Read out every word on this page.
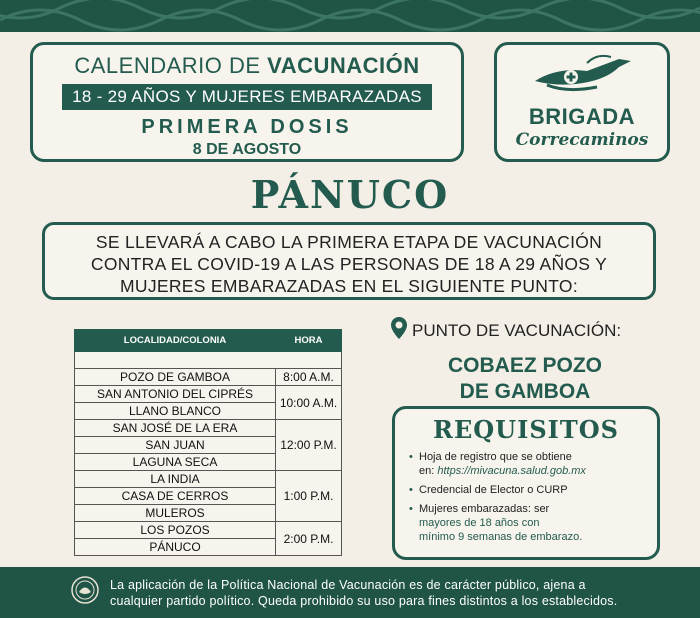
CALENDARIO DE VACUNACIÓN
18 - 29 AÑOS Y MUJERES EMBARAZADAS
PRIMERA DOSIS
8 DE AGOSTO
BRIGADA
Correcaminos
PÁNUCO
SE LLEVARÁ A CABO LA PRIMERA ETAPA DE VACUNACIÓN
CONTRA EL COVID-19 A LAS PERSONAS DE 18 A 29 AÑOS Y
MUJERES EMBARAZADAS EN EL SIGUIENTE PUNTO:
LOCALIDAD/COLONIA	HORA

POZO DE GAMBOA	8:00 A.M.
SAN ANTONIO DEL CIPRÉS	10:00 A.M.
LLANO BLANCO	
SAN JOSÉ DE LA ERA	12:00 P.M.
SAN JUAN	
LAGUNA SECA	
LA INDIA	1:00 P.M.
CASA DE CERROS	
MULEROS	
LOS POZOS	2:00 P.M.
PÁNUCO	
PUNTO DE VACUNACIÓN:
COBAEZ POZO
DE GAMBOA
REQUISITOS
• Hoja de registro que se obtiene
en: https://mivacuna.salud.gob.mx
• Credencial de Elector o CURP
• Mujeres embarazadas: ser
mayores de 18 años con
mínimo 9 semanas de embarazo.
La aplicación de la Política Nacional de Vacunación es de carácter público, ajena a
cualquier partido político. Queda prohibido su uso para fines distintos a los establecidos.
